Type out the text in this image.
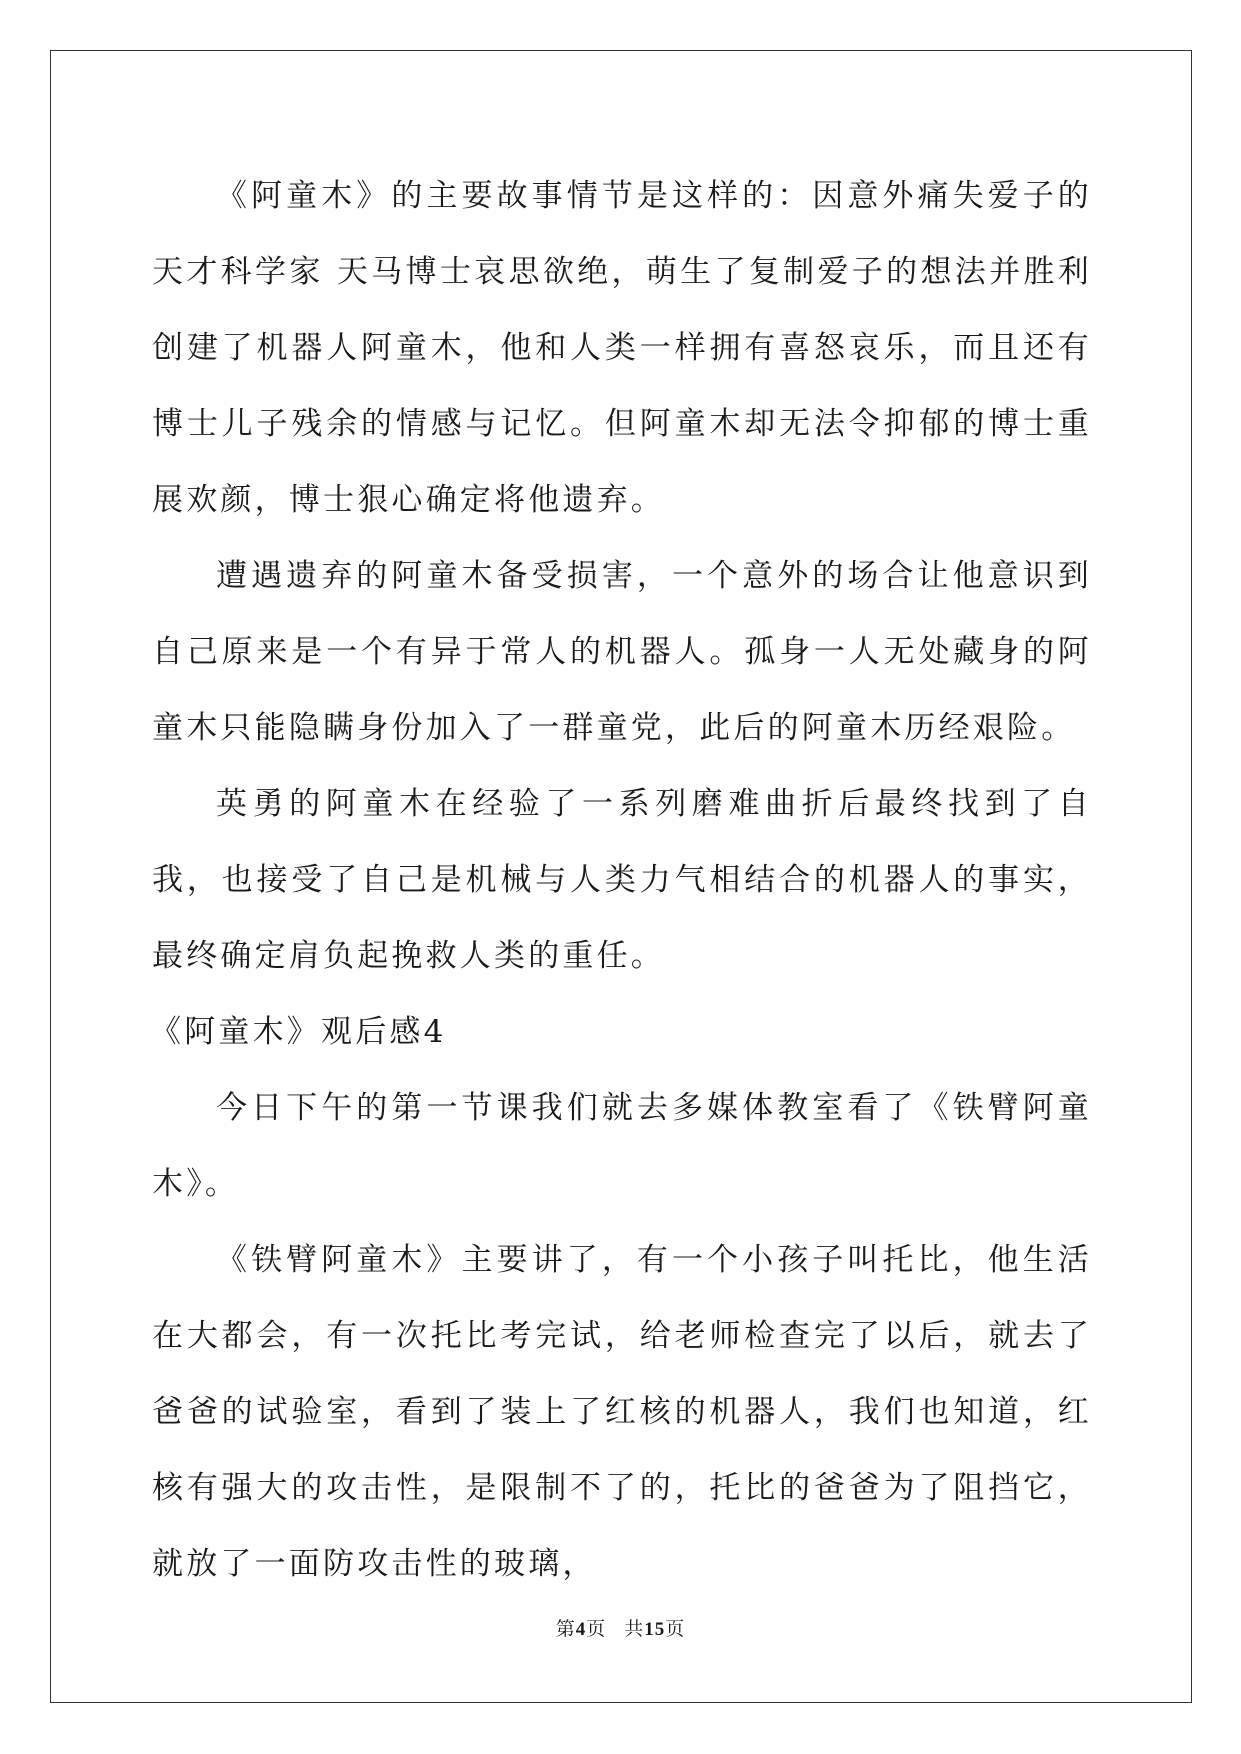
《阿童木》的主要故事情节是这样的：因意外痛失爱子的天才科学家 天马博士哀思欲绝，萌生了复制爱子的想法并胜利创建了机器人阿童木，他和人类一样拥有喜怒哀乐，而且还有博士儿子残余的情感与记忆。但阿童木却无法令抑郁的博士重展欢颜，博士狠心确定将他遗弃。

遭遇遗弃的阿童木备受损害，一个意外的场合让他意识到自己原来是一个有异于常人的机器人。孤身一人无处藏身的阿童木只能隐瞒身份加入了一群童党，此后的阿童木历经艰险。

英勇的阿童木在经验了一系列磨难曲折后最终找到了自我，也接受了自己是机械与人类力气相结合的机器人的事实，最终确定肩负起挽救人类的重任。

《阿童木》观后感4

今日下午的第一节课我们就去多媒体教室看了《铁臂阿童木》。

《铁臂阿童木》主要讲了，有一个小孩子叫托比，他生活在大都会，有一次托比考完试，给老师检查完了以后，就去了爸爸的试验室，看到了装上了红核的机器人，我们也知道，红核有强大的攻击性，是限制不了的，托比的爸爸为了阻挡它，就放了一面防攻击性的玻璃，

第4页 共15页
